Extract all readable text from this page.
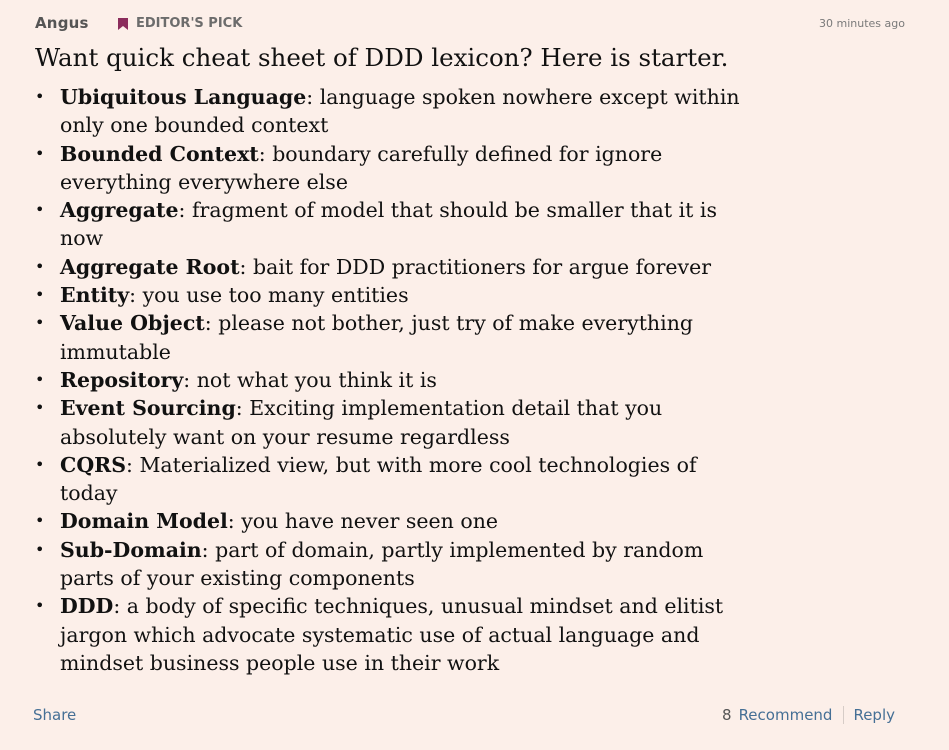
Angus	EDITOR'S PICK	30 minutes ago

Want quick cheat sheet of DDD lexicon? Here is starter.

• Ubiquitous Language: language spoken nowhere except within only one bounded context
• Bounded Context: boundary carefully defined for ignore everything everywhere else
• Aggregate: fragment of model that should be smaller that it is now
• Aggregate Root: bait for DDD practitioners for argue forever
• Entity: you use too many entities
• Value Object: please not bother, just try of make everything immutable
• Repository: not what you think it is
• Event Sourcing: Exciting implementation detail that you absolutely want on your resume regardless
• CQRS: Materialized view, but with more cool technologies of today
• Domain Model: you have never seen one
• Sub-Domain: part of domain, partly implemented by random parts of your existing components
• DDD: a body of specific techniques, unusual mindset and elitist jargon which advocate systematic use of actual language and mindset business people use in their work
Share	8 Recommend Reply
